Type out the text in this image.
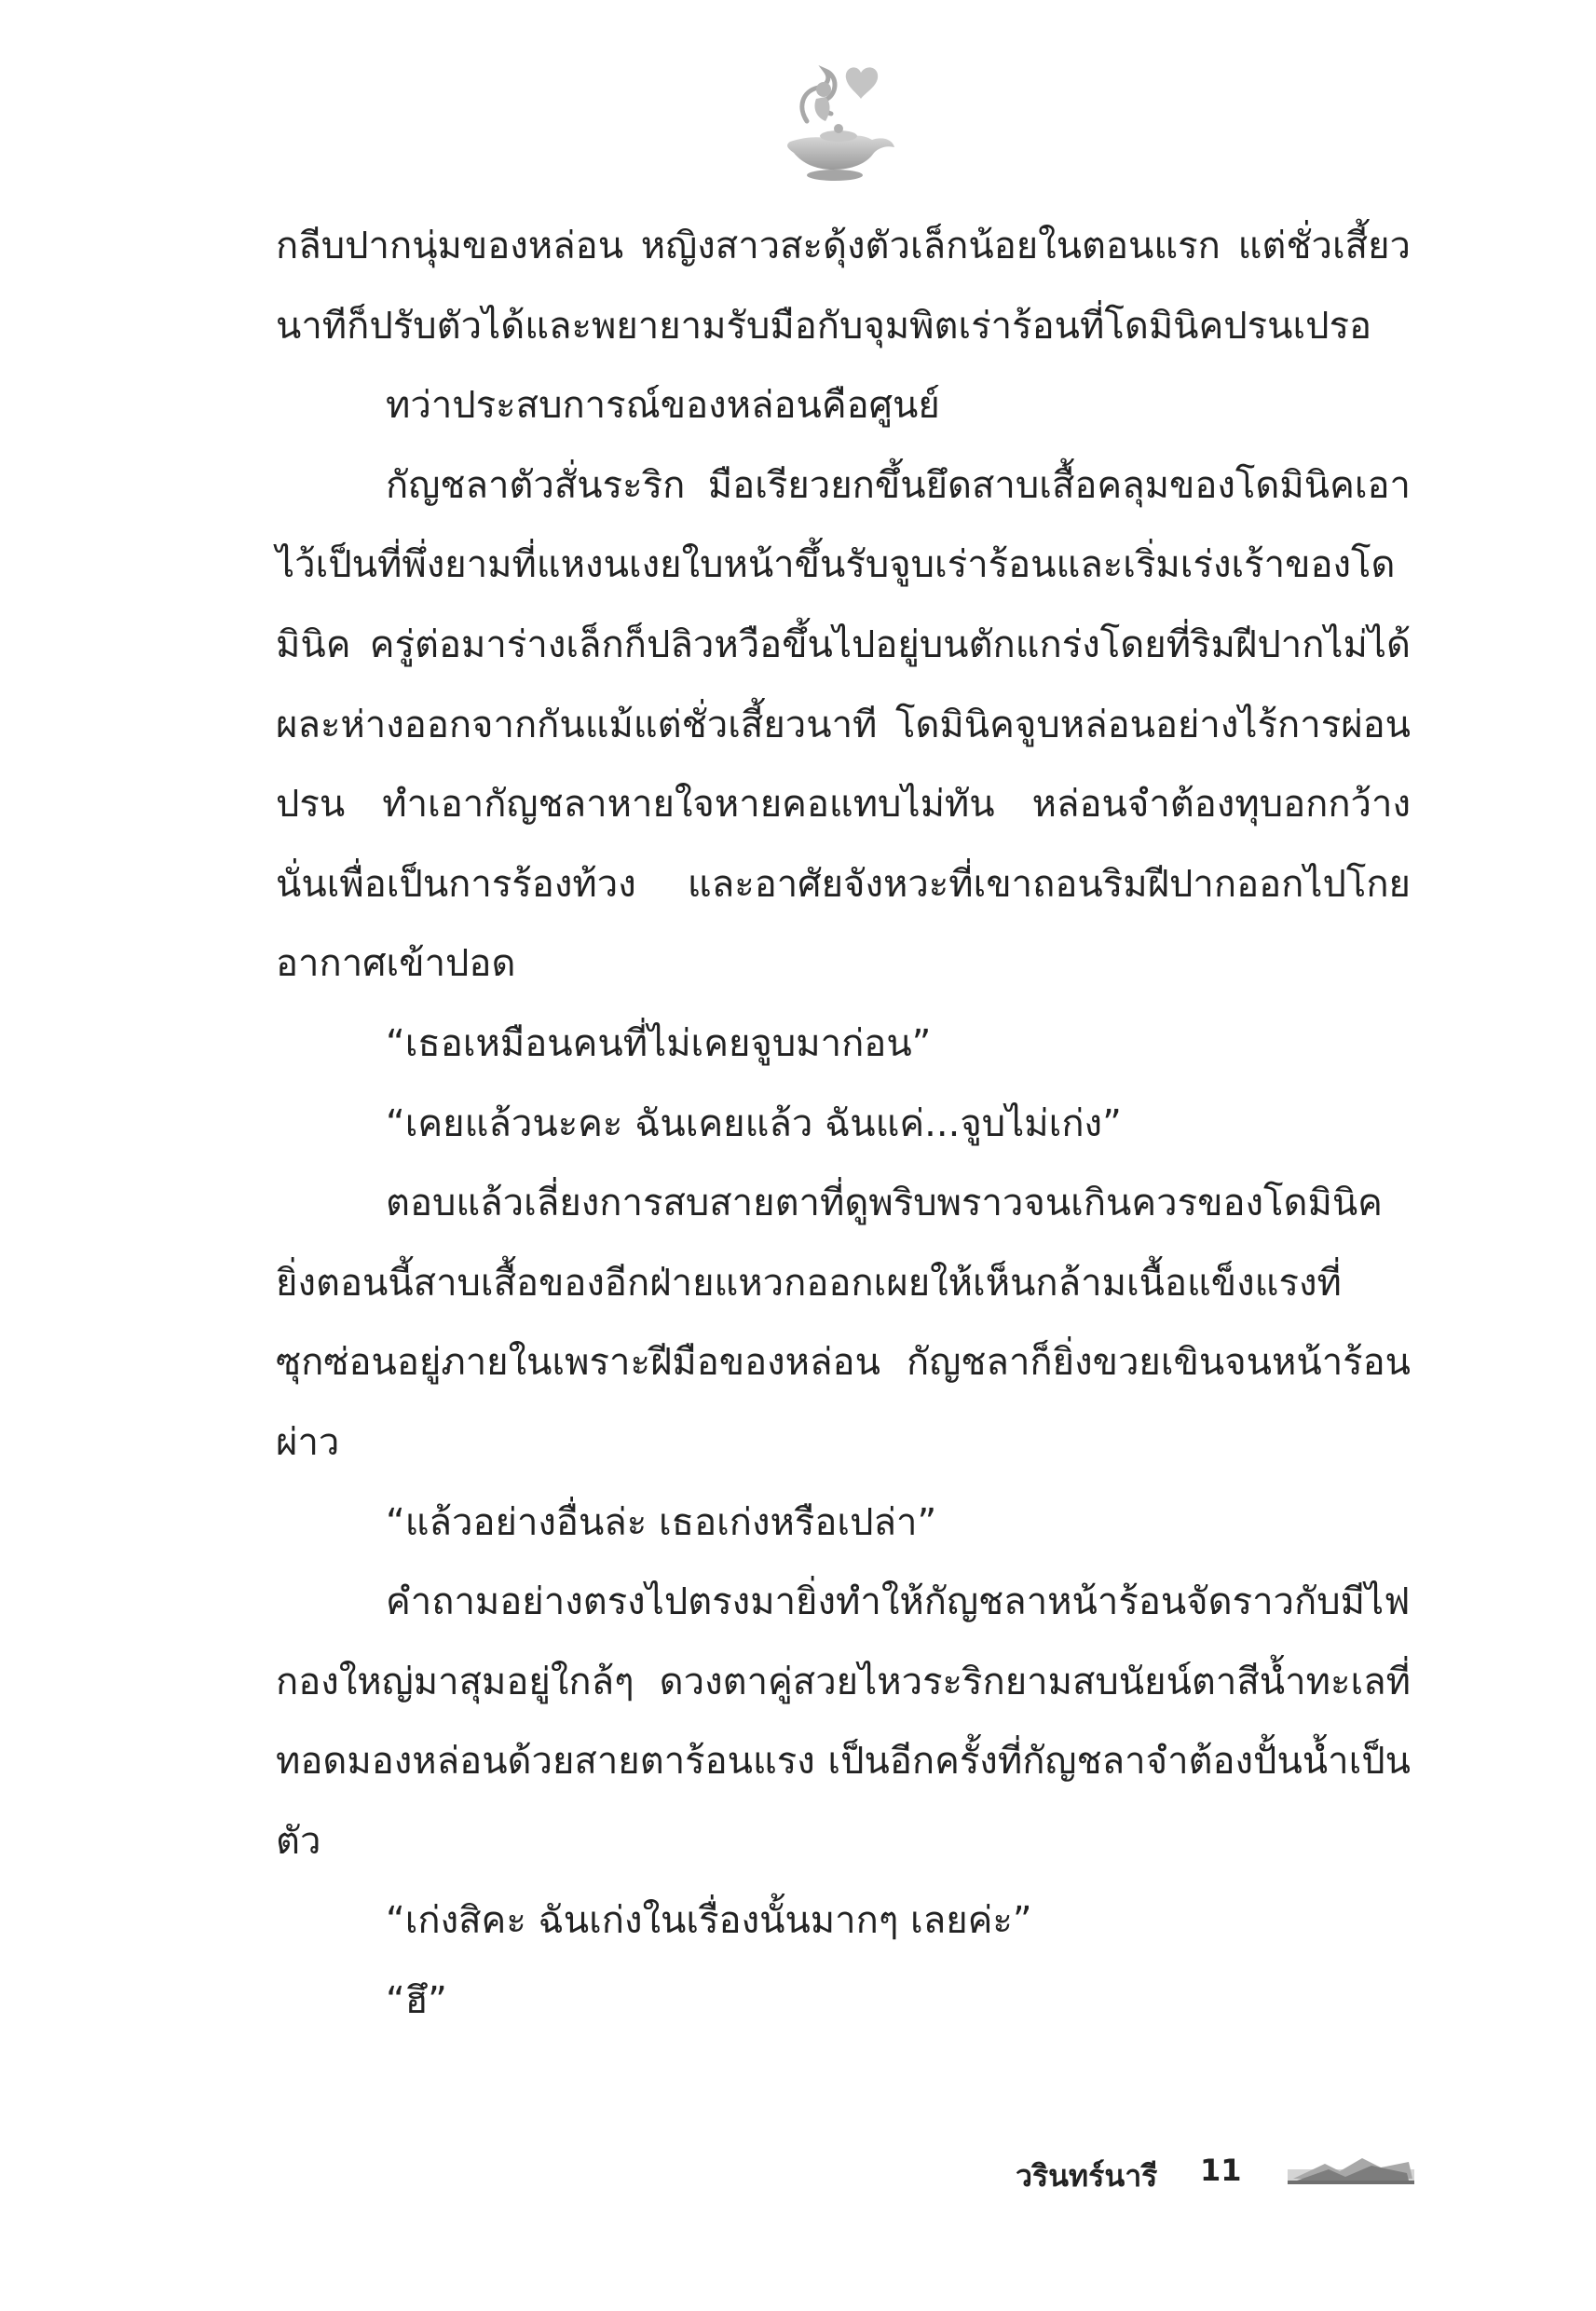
กลีบปากนุ่มของหล่อน หญิงสาวสะดุ้งตัวเล็กน้อยในตอนแรก แต่ชั่วเสี้ยวนาทีก็ปรับตัวได้และพยายามรับมือกับจุมพิตเร่าร้อนที่โดมินิคปรนเปรอ

ทว่าประสบการณ์ของหล่อนคือศูนย์

กัญชลาตัวสั่นระริก มือเรียวยกขึ้นยึดสาบเสื้อคลุมของโดมินิคเอาไว้เป็นที่พึ่งยามที่แหงนเงยใบหน้าขึ้นรับจูบเร่าร้อนและเริ่มเร่งเร้าของโดมินิค ครู่ต่อมาร่างเล็กก็ปลิวหวือขึ้นไปอยู่บนตักแกร่งโดยที่ริมฝีปากไม่ได้ผละห่างออกจากกันแม้แต่ชั่วเสี้ยวนาที โดมินิคจูบหล่อนอย่างไร้การผ่อนปรน ทำเอากัญชลาหายใจหายคอแทบไม่ทัน หล่อนจำต้องทุบอกกว้างนั่นเพื่อเป็นการร้องท้วง และอาศัยจังหวะที่เขาถอนริมฝีปากออกไปโกยอากาศเข้าปอด

“เธอเหมือนคนที่ไม่เคยจูบมาก่อน”

“เคยแล้วนะคะ ฉันเคยแล้ว ฉันแค่...จูบไม่เก่ง”

ตอบแล้วเลี่ยงการสบสายตาที่ดูพริบพราวจนเกินควรของโดมินิคยิ่งตอนนี้สาบเสื้อของอีกฝ่ายแหวกออกเผยให้เห็นกล้ามเนื้อแข็งแรงที่ซุกซ่อนอยู่ภายในเพราะฝีมือของหล่อน กัญชลาก็ยิ่งขวยเขินจนหน้าร้อนผ่าว

“แล้วอย่างอื่นล่ะ เธอเก่งหรือเปล่า”

คำถามอย่างตรงไปตรงมายิ่งทำให้กัญชลาหน้าร้อนจัดราวกับมีไฟกองใหญ่มาสุมอยู่ใกล้ๆ ดวงตาคู่สวยไหวระริกยามสบนัยน์ตาสีน้ำทะเลที่ทอดมองหล่อนด้วยสายตาร้อนแรง เป็นอีกครั้งที่กัญชลาจำต้องปั้นน้ำเป็นตัว

“เก่งสิคะ ฉันเก่งในเรื่องนั้นมากๆ เลยค่ะ”

“ฮึ”

วรินทร์นารี 11
